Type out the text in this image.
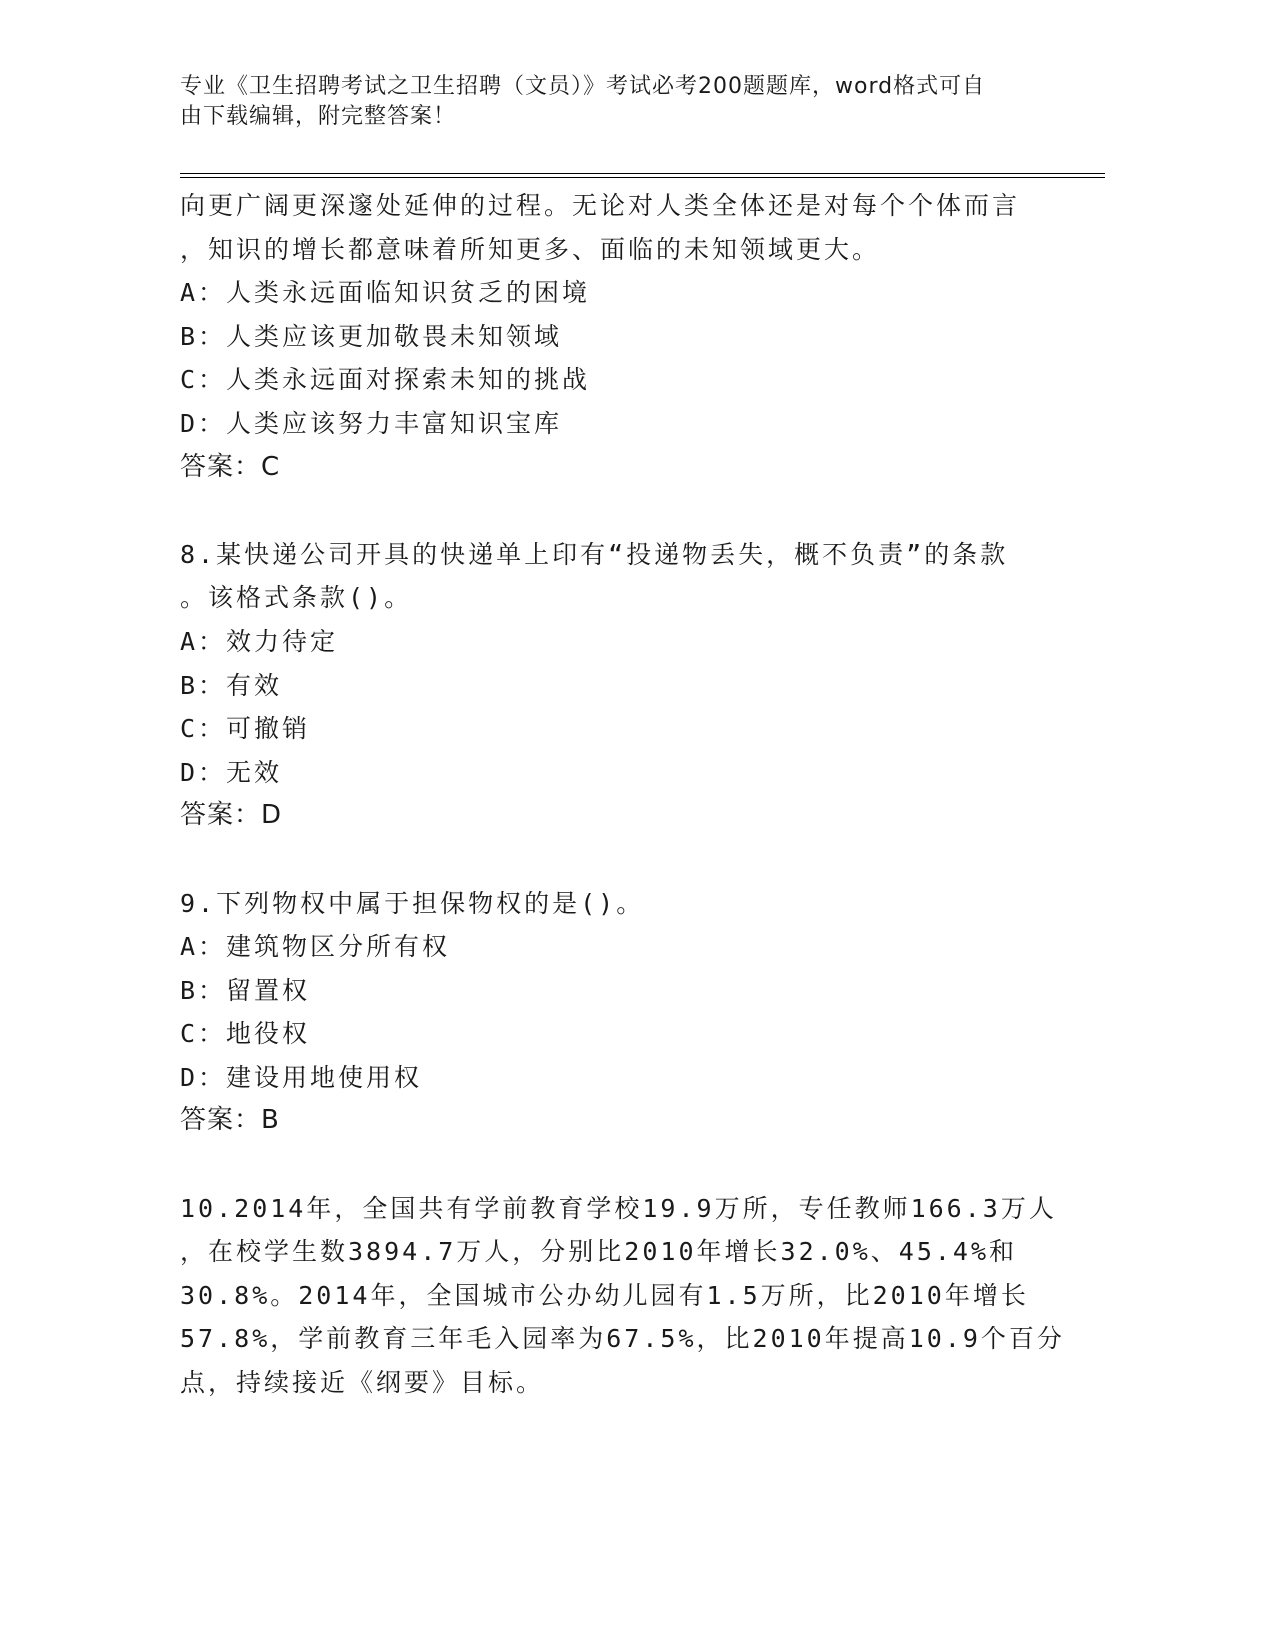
专业《卫生招聘考试之卫生招聘（文员）》考试必考200题题库，word格式可自
由下载编辑，附完整答案！
向更广阔更深邃处延伸的过程。无论对人类全体还是对每个个体而言
，知识的增长都意味着所知更多、面临的未知领域更大。
A：人类永远面临知识贫乏的困境
B：人类应该更加敬畏未知领域
C：人类永远面对探索未知的挑战
D：人类应该努力丰富知识宝库
答案：C
8.某快递公司开具的快递单上印有“投递物丢失，概不负责”的条款
。该格式条款()。
A：效力待定
B：有效
C：可撤销
D：无效
答案：D
9.下列物权中属于担保物权的是()。
A：建筑物区分所有权
B：留置权
C：地役权
D：建设用地使用权
答案：B
10.2014年，全国共有学前教育学校19.9万所，专任教师166.3万人
，在校学生数3894.7万人，分别比2010年增长32.0%、45.4%和
30.8%。2014年，全国城市公办幼儿园有1.5万所，比2010年增长
57.8%，学前教育三年毛入园率为67.5%，比2010年提高10.9个百分
点，持续接近《纲要》目标。
